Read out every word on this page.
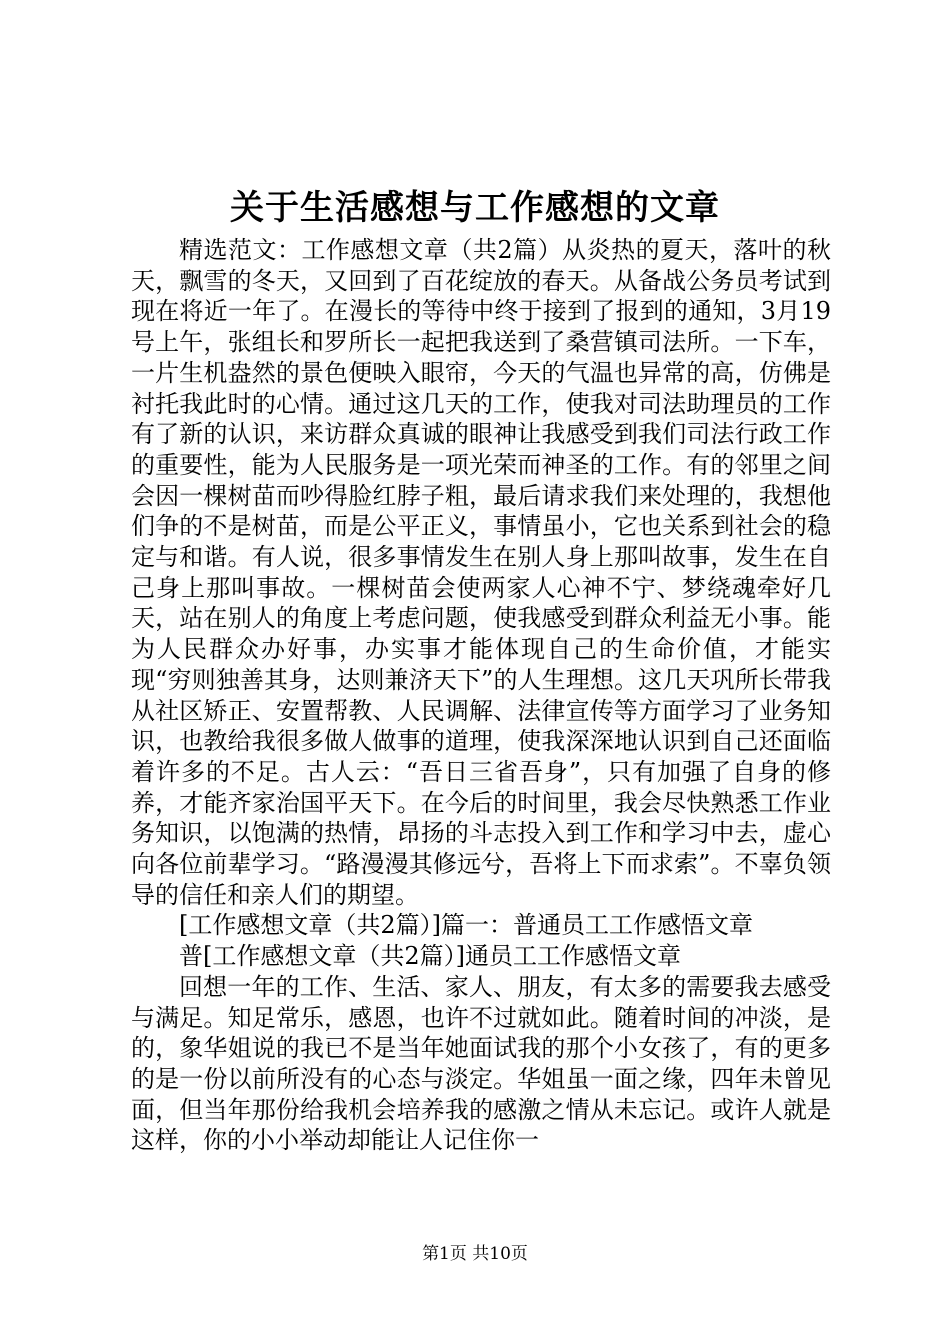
关于生活感想与工作感想的文章

精选范文：工作感想文章（共2篇）从炎热的夏天，落叶的秋天，飘雪的冬天，又回到了百花绽放的春天。从备战公务员考试到现在将近一年了。在漫长的等待中终于接到了报到的通知，3月19号上午，张组长和罗所长一起把我送到了桑营镇司法所。一下车，一片生机盎然的景色便映入眼帘，今天的气温也异常的高，仿佛是衬托我此时的心情。通过这几天的工作，使我对司法助理员的工作有了新的认识，来访群众真诚的眼神让我感受到我们司法行政工作的重要性，能为人民服务是一项光荣而神圣的工作。有的邻里之间会因一棵树苗而吵得脸红脖子粗，最后请求我们来处理的，我想他们争的不是树苗，而是公平正义，事情虽小，它也关系到社会的稳定与和谐。有人说，很多事情发生在别人身上那叫故事，发生在自己身上那叫事故。一棵树苗会使两家人心神不宁、梦绕魂牵好几天，站在别人的角度上考虑问题，使我感受到群众利益无小事。能为人民群众办好事，办实事才能体现自己的生命价值，才能实现“穷则独善其身，达则兼济天下”的人生理想。这几天巩所长带我从社区矫正、安置帮教、人民调解、法律宣传等方面学习了业务知识，也教给我很多做人做事的道理，使我深深地认识到自己还面临着许多的不足。古人云：“吾日三省吾身”，只有加强了自身的修养，才能齐家治国平天下。在今后的时间里，我会尽快熟悉工作业务知识，以饱满的热情，昂扬的斗志投入到工作和学习中去，虚心向各位前辈学习。“路漫漫其修远兮，吾将上下而求索”。不辜负领导的信任和亲人们的期望。

[工作感想文章（共2篇）]篇一：普通员工工作感悟文章

普[工作感想文章（共2篇）]通员工工作感悟文章

回想一年的工作、生活、家人、朋友，有太多的需要我去感受与满足。知足常乐，感恩，也许不过就如此。随着时间的冲淡，是的，象华姐说的我已不是当年她面试我的那个小女孩了，有的更多的是一份以前所没有的心态与淡定。华姐虽一面之缘，四年未曾见面，但当年那份给我机会培养我的感激之情从未忘记。或许人就是这样，你的小小举动却能让人记住你一

第1页 共10页
